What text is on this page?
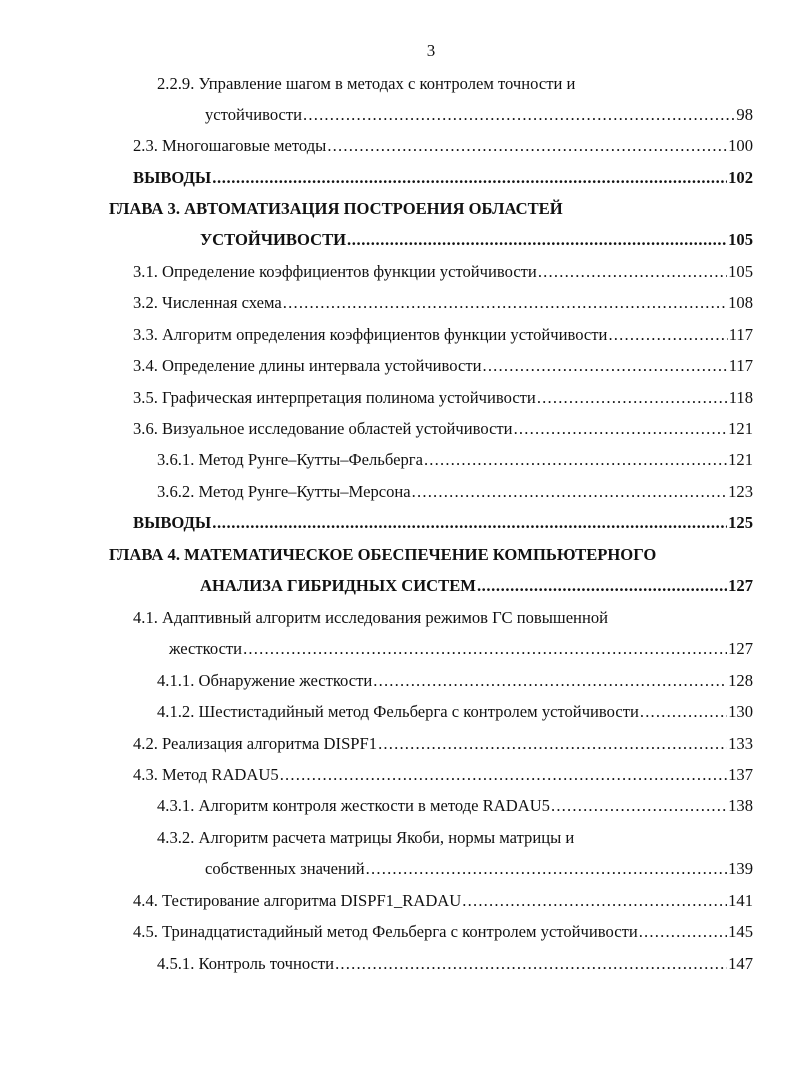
3
2.2.9. Управление шагом в методах с контролем точности и
устойчивости .....	98
2.3. Многошаговые методы .....	100
ВЫВОДЫ .....	102
ГЛАВА 3. АВТОМАТИЗАЦИЯ ПОСТРОЕНИЯ ОБЛАСТЕЙ
УСТОЙЧИВОСТИ .....	105
3.1. Определение коэффициентов функции устойчивости .....	105
3.2. Численная схема .....	108
3.3. Алгоритм определения коэффициентов функции устойчивости .....	117
3.4. Определение длины интервала устойчивости .....	117
3.5. Графическая интерпретация полинома устойчивости .....	118
3.6. Визуальное исследование областей устойчивости .....	121
3.6.1. Метод Рунге–Кутты–Фельберга .....	121
3.6.2. Метод Рунге–Кутты–Мерсона .....	123
ВЫВОДЫ .....	125
ГЛАВА 4. МАТЕМАТИЧЕСКОЕ ОБЕСПЕЧЕНИЕ КОМПЬЮТЕРНОГО
АНАЛИЗА ГИБРИДНЫХ СИСТЕМ .....	127
4.1. Адаптивный алгоритм исследования режимов ГС повышенной
жесткости .....	127
4.1.1. Обнаружение жесткости .....	128
4.1.2. Шестистадийный метод Фельберга с контролем устойчивости .....	130
4.2. Реализация алгоритма DISPF1 .....	133
4.3. Метод RADAU5 .....	137
4.3.1. Алгоритм контроля жесткости в методе RADAU5 .....	138
4.3.2. Алгоритм расчета матрицы Якоби, нормы матрицы и
собственных значений .....	139
4.4. Тестирование алгоритма DISPF1_RADAU .....	141
4.5. Тринадцатистадийный метод Фельберга с контролем устойчивости .....	145
4.5.1. Контроль точности .....	147
